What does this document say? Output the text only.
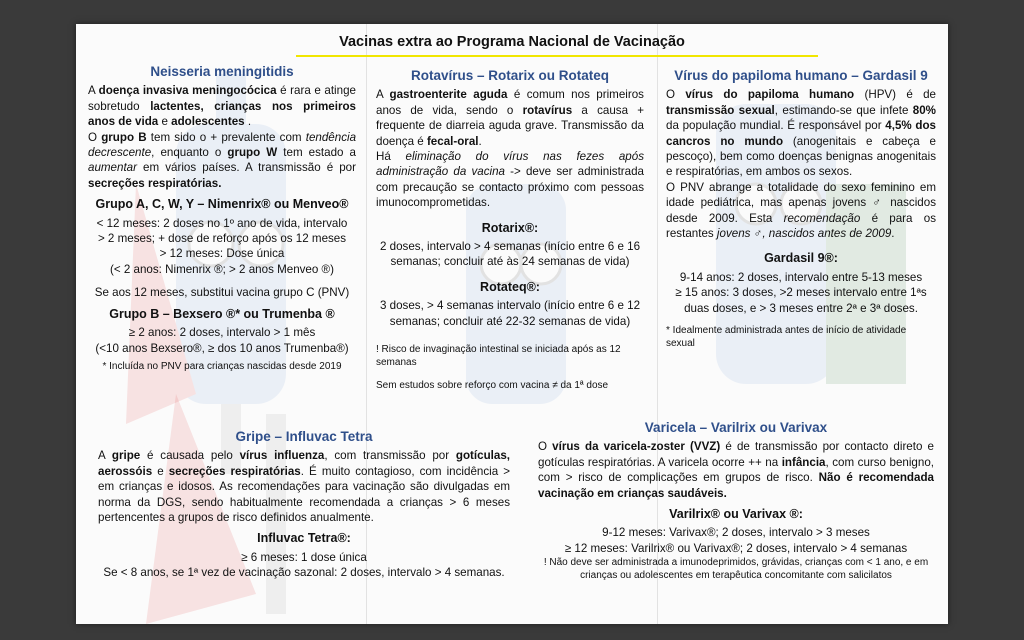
Vacinas extra ao Programa Nacional de Vacinação
Neisseria meningitidis

A doença invasiva meningocócica é rara e atinge sobretudo lactentes, crianças nos primeiros anos de vida e adolescentes .

O grupo B tem sido o + prevalente com tendência decrescente, enquanto o grupo W tem estado a aumentar em vários países. A transmissão é por secreções respiratórias.

Grupo A, C, W, Y – Nimenrix® ou Menveo®
< 12 meses: 2 doses no 1º ano de vida, intervalo
> 2 meses; + dose de reforço após os 12 meses
> 12 meses: Dose única
(< 2 anos: Nimenrix ®; > 2 anos Menveo ®)
Se aos 12 meses, substitui vacina grupo C (PNV)
Grupo B – Bexsero ®* ou Trumenba ®
≥ 2 anos: 2 doses, intervalo > 1 mês
(<10 anos Bexsero®, ≥ dos 10 anos Trumenba®)
* Incluída no PNV para crianças nascidas desde 2019
Rotavírus – Rotarix ou Rotateq

A gastroenterite aguda é comum nos primeiros anos de vida, sendo o rotavírus a causa + frequente de diarreia aguda grave. Transmissão da doença é fecal-oral.

Há eliminação do vírus nas fezes após administração da vacina -> deve ser administrada com precaução se contacto próximo com pessoas imunocomprometidas.

Rotarix®:

2 doses, intervalo > 4 semanas (início entre 6 e 16 semanas; concluir até às 24 semanas de vida)

Rotateq®:

3 doses, > 4 semanas intervalo (início entre 6 e 12 semanas; concluir até 22-32 semanas de vida)

! Risco de invaginação intestinal se iniciada após as 12 semanas

Sem estudos sobre reforço com vacina ≠ da 1ª dose

Vírus do papiloma humano – Gardasil 9

O vírus do papiloma humano (HPV) é de transmissão sexual, estimando-se que infete 80% da população mundial. É responsável por 4,5% dos cancros no mundo (anogenitais e cabeça e pescoço), bem como doenças benignas anogenitais e respiratórias, em ambos os sexos.

O PNV abrange a totalidade do sexo feminino em idade pediátrica, mas apenas jovens ♂ nascidos desde 2009. Esta recomendação é para os restantes jovens ♂, nascidos antes de 2009.

Gardasil 9®:
9-14 anos: 2 doses, intervalo entre 5-13 meses
≥ 15 anos: 3 doses, >2 meses intervalo entre 1ªs
duas doses, e > 3 meses entre 2ª e 3ª doses.

* Idealmente administrada antes de início de atividade sexual

Gripe – Influvac Tetra

A gripe é causada pelo vírus influenza, com transmissão por gotículas, aerossóis e secreções respiratórias. É muito contagioso, com incidência > em crianças e idosos. As recomendações para vacinação são divulgadas em norma da DGS, sendo habitualmente recomendada a crianças > 6 meses pertencentes a grupos de risco definidos anualmente.

Influvac Tetra®:
≥ 6 meses: 1 dose única
Se < 8 anos, se 1ª vez de vacinação sazonal: 2 doses, intervalo > 4 semanas.
Varicela – Varilrix ou Varivax

O vírus da varicela-zoster (VVZ) é de transmissão por contacto direto e gotículas respiratórias. A varicela ocorre ++ na infância, com curso benigno, com > risco de complicações em grupos de risco. Não é recomendada vacinação em crianças saudáveis.

Varilrix® ou Varivax ®:
9-12 meses: Varivax®; 2 doses, intervalo > 3 meses
≥ 12 meses: Varilrix® ou Varivax®; 2 doses, intervalo > 4 semanas

! Não deve ser administrada a imunodeprimidos, grávidas, crianças com < 1 ano, e em crianças ou adolescentes em terapêutica concomitante com salicilatos
